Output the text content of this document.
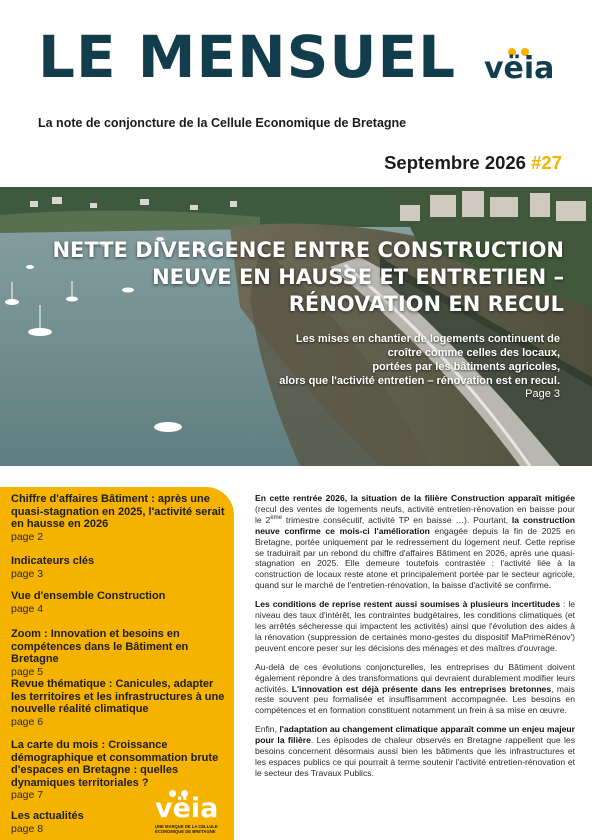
LE MENSUEL vëia
La note de conjoncture de la Cellule Economique de Bretagne
Septembre 2026 #27
NETTE DIVERGENCE ENTRE CONSTRUCTION NEUVE EN HAUSSE ET ENTRETIEN – RÉNOVATION EN RECUL
Les mises en chantier de logements continuent de
croître comme celles des locaux,
portées par les bâtiments agricoles,
alors que l'activité entretien – rénovation est en recul.
Page 3
Chiffre d'affaires Bâtiment : après une quasi-stagnation en 2025, l'activité serait en hausse en 2026
page 2
Indicateurs clés
page 3
Vue d'ensemble Construction
page 4
Zoom : Innovation et besoins en compétences dans le Bâtiment en Bretagne
page 5
Revue thématique : Canicules, adapter les territoires et les infrastructures à une nouvelle réalité climatique
page 6
La carte du mois : Croissance démographique et consommation brute d'espaces en Bretagne : quelles dynamiques territoriales ?
page 7
Les actualités
page 8
vëia
UNE MARQUE DE LA CELLULE ÉCONOMIQUE DE BRETAGNE

En cette rentrée 2026, la situation de la filière Construction apparaît mitigée (recul des ventes de logements neufs, activité entretien-rénovation en baisse pour le 2ème trimestre consécutif, activité TP en baisse …). Pourtant, la construction neuve confirme ce mois-ci l'amélioration engagée depuis la fin de 2025 en Bretagne, portée uniquement par le redressement du logement neuf. Cette reprise se traduirait par un rebond du chiffre d'affaires Bâtiment en 2026, après une quasi-stagnation en 2025. Elle demeure toutefois contrastée : l'activité liée à la construction de locaux reste atone et principalement portée par le secteur agricole, quand sur le marché de l'entretien-rénovation, la baisse d'activité se confirme.

Les conditions de reprise restent aussi soumises à plusieurs incertitudes : le niveau des taux d'intérêt, les contraintes budgétaires, les conditions climatiques (et les arrêtés sécheresse qui impactent les activités) ainsi que l'évolution des aides à la rénovation (suppression de certaines mono-gestes du dispositif MaPrimeRénov') peuvent encore peser sur les décisions des ménages et des maîtres d'ouvrage.

Au-delà de ces évolutions conjoncturelles, les entreprises du Bâtiment doivent également répondre à des transformations qui devraient durablement modifier leurs activités. L'innovation est déjà présente dans les entreprises bretonnes, mais reste souvent peu formalisée et insuffisamment accompagnée. Les besoins en compétences et en formation constituent notamment un frein à sa mise en œuvre.

Enfin, l'adaptation au changement climatique apparaît comme un enjeu majeur pour la filière. Les épisodes de chaleur observés en Bretagne rappellent que les besoins concernent désormais aussi bien les bâtiments que les infrastructures et les espaces publics ce qui pourrait à terme soutenir l'activité entretien-rénovation et le secteur des Travaux Publics.
